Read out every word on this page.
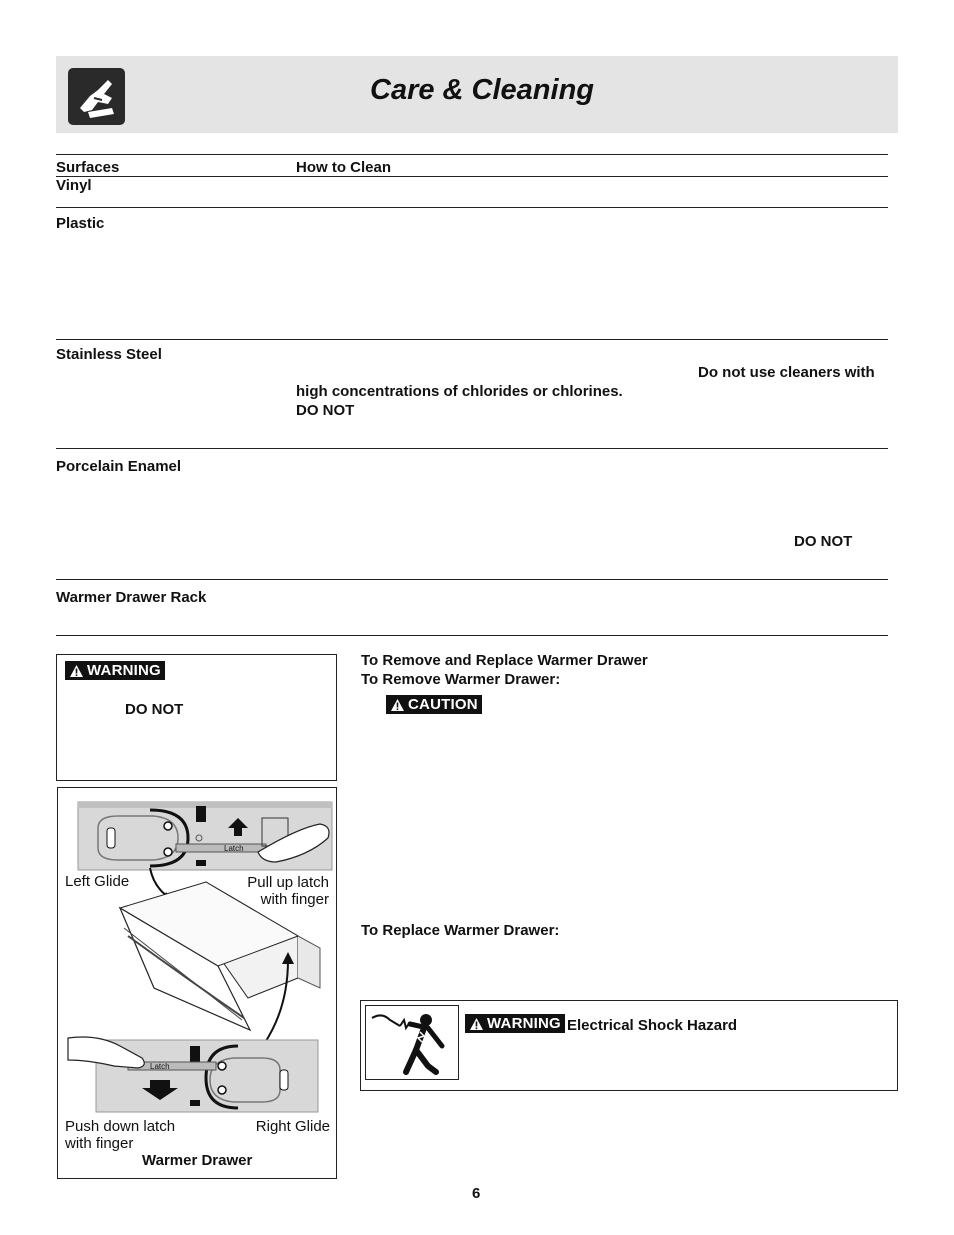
Care & Cleaning
Surfaces	How to Clean
Vinyl
Plastic
Stainless Steel
Do not use cleaners with
high concentrations of chlorides or chlorines.
DO NOT
Porcelain Enamel
DO NOT
Warmer Drawer Rack
WARNING
DO NOT
Latch
Latch
Left Glide	Pull up latch
with finger
Push down latch
with finger
Right Glide
Warmer Drawer
To Remove and Replace Warmer Drawer
To Remove Warmer Drawer:
CAUTION
To Replace Warmer Drawer:
WARNING Electrical Shock Hazard
6
